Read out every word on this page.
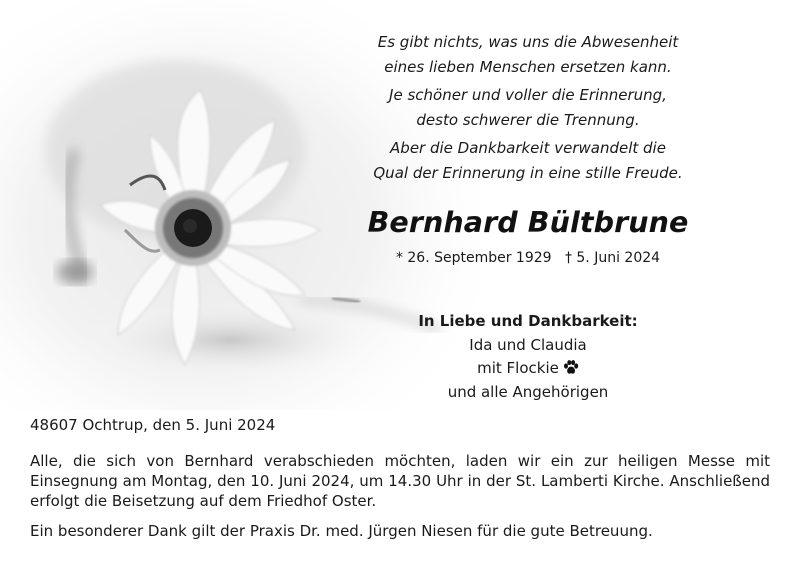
Es gibt nichts, was uns die Abwesenheit
eines lieben Menschen ersetzen kann.
Je schöner und voller die Erinnerung,
desto schwerer die Trennung.
Aber die Dankbarkeit verwandelt die
Qual der Erinnerung in eine stille Freude.
Bernhard Bültbrune
* 26. September 1929 † 5. Juni 2024
In Liebe und Dankbarkeit:
Ida und Claudia
mit Flockie
und alle Angehörigen
48607 Ochtrup, den 5. Juni 2024

Alle, die sich von Bernhard verabschieden möchten, laden wir ein zur heiligen Messe mit Einsegnung am Montag, den 10. Juni 2024, um 14.30 Uhr in der St. Lamberti Kirche. Anschließend erfolgt die Beisetzung auf dem Friedhof Oster.

Ein besonderer Dank gilt der Praxis Dr. med. Jürgen Niesen für die gute Betreuung.
